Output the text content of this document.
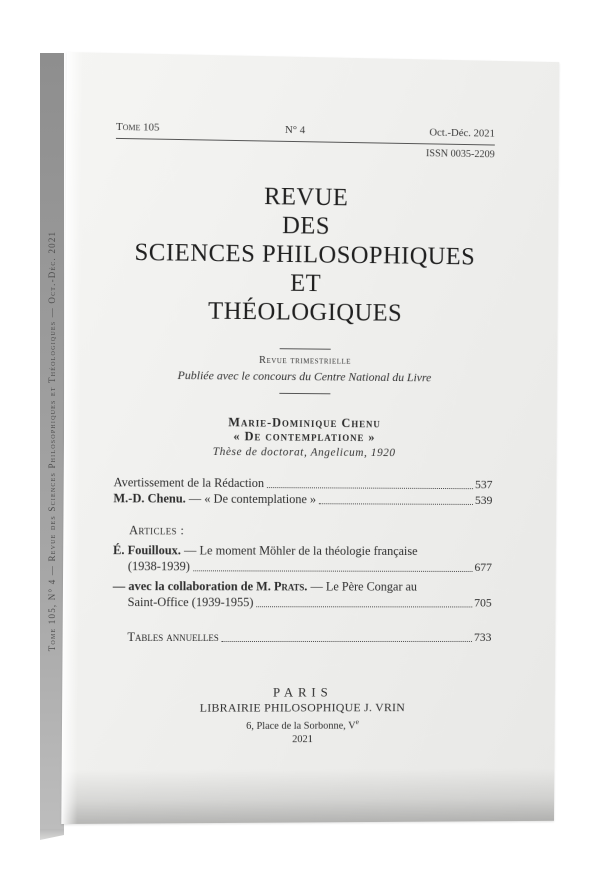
Tome 105, N° 4 — Revue des Sciences Philosophiques et Théologiques — Oct.-Déc. 2021
Tome 105	N° 4	Oct.-Déc. 2021
ISSN 0035-2209
REVUE
DES
SCIENCES PHILOSOPHIQUES
ET
THÉOLOGIQUES
Revue trimestrielle
Publiée avec le concours du Centre National du Livre
Marie-Dominique Chenu
« De contemplatione »
Thèse de doctorat, Angelicum, 1920
Avertissement de la Rédaction	537
M.-D. Chenu. — « De contemplatione »	539
Articles :
É. Fouilloux. — Le moment Möhler de la théologie française
(1938-1939)	677
— avec la collaboration de M. Prats. — Le Père Congar au
Saint-Office (1939-1955)	705
Tables annuelles	733
PARIS
LIBRAIRIE PHILOSOPHIQUE J. VRIN
6, Place de la Sorbonne, Ve
2021
